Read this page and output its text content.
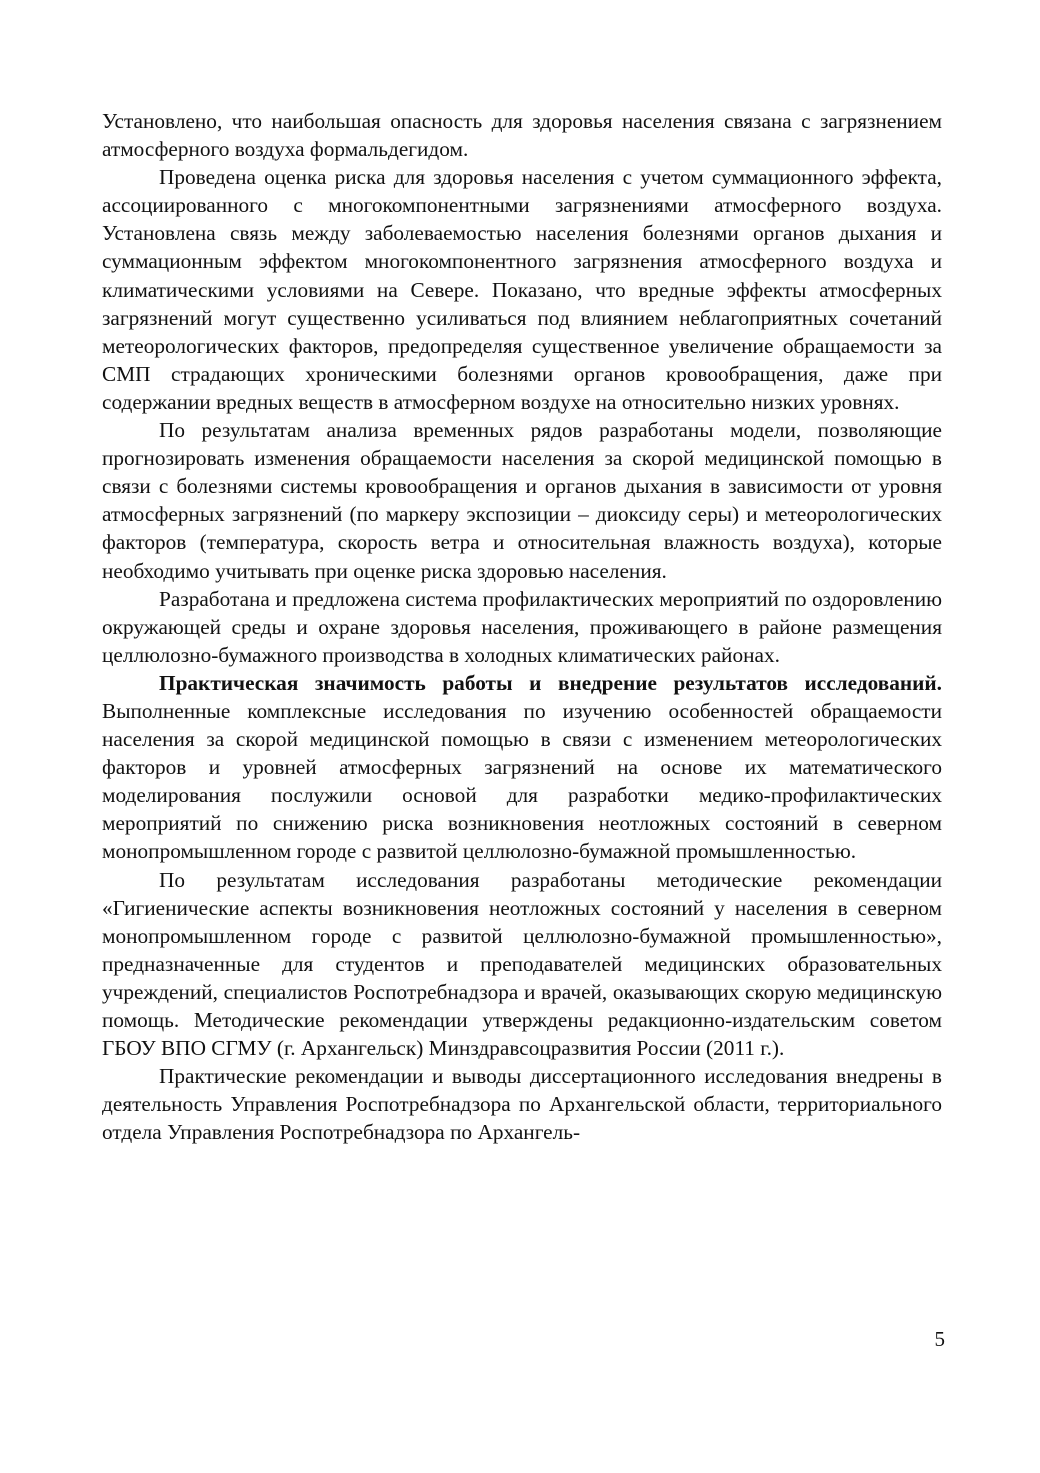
Установлено, что наибольшая опасность для здоровья населения связана с загрязнением атмосферного воздуха формальдегидом.

Проведена оценка риска для здоровья населения с учетом суммационного эффекта, ассоциированного с многокомпонентными загрязнениями атмосферного воздуха. Установлена связь между заболеваемостью населения болезнями органов дыхания и суммационным эффектом многокомпонентного загрязнения атмосферного воздуха и климатическими условиями на Севере. Показано, что вредные эффекты атмосферных загрязнений могут существенно усиливаться под влиянием неблагоприятных сочетаний метеорологических факторов, предопределяя существенное увеличение обращаемости за СМП страдающих хроническими болезнями органов кровообращения, даже при содержании вредных веществ в атмосферном воздухе на относительно низких уровнях.

По результатам анализа временных рядов разработаны модели, позволяющие прогнозировать изменения обращаемости населения за скорой медицинской помощью в связи с болезнями системы кровообращения и органов дыхания в зависимости от уровня атмосферных загрязнений (по маркеру экспозиции – диоксиду серы) и метеорологических факторов (температура, скорость ветра и относительная влажность воздуха), которые необходимо учитывать при оценке риска здоровью населения.

Разработана и предложена система профилактических мероприятий по оздоровлению окружающей среды и охране здоровья населения, проживающего в районе размещения целлюлозно-бумажного производства в холодных климатических районах.

Практическая значимость работы и внедрение результатов исследований. Выполненные комплексные исследования по изучению особенностей обращаемости населения за скорой медицинской помощью в связи с изменением метеорологических факторов и уровней атмосферных загрязнений на основе их математического моделирования послужили основой для разработки медико-профилактических мероприятий по снижению риска возникновения неотложных состояний в северном монопромышленном городе с развитой целлюлозно-бумажной промышленностью.

По результатам исследования разработаны методические рекомендации «Гигиенические аспекты возникновения неотложных состояний у населения в северном монопромышленном городе с развитой целлюлозно-бумажной промышленностью», предназначенные для студентов и преподавателей медицинских образовательных учреждений, специалистов Роспотребнадзора и врачей, оказывающих скорую медицинскую помощь. Методические рекомендации утверждены редакционно-издательским советом ГБОУ ВПО СГМУ (г. Архангельск) Минздравсоцразвития России (2011 г.).

Практические рекомендации и выводы диссертационного исследования внедрены в деятельность Управления Роспотребнадзора по Архангельской области, территориального отдела Управления Роспотребнадзора по Архангель-

5
